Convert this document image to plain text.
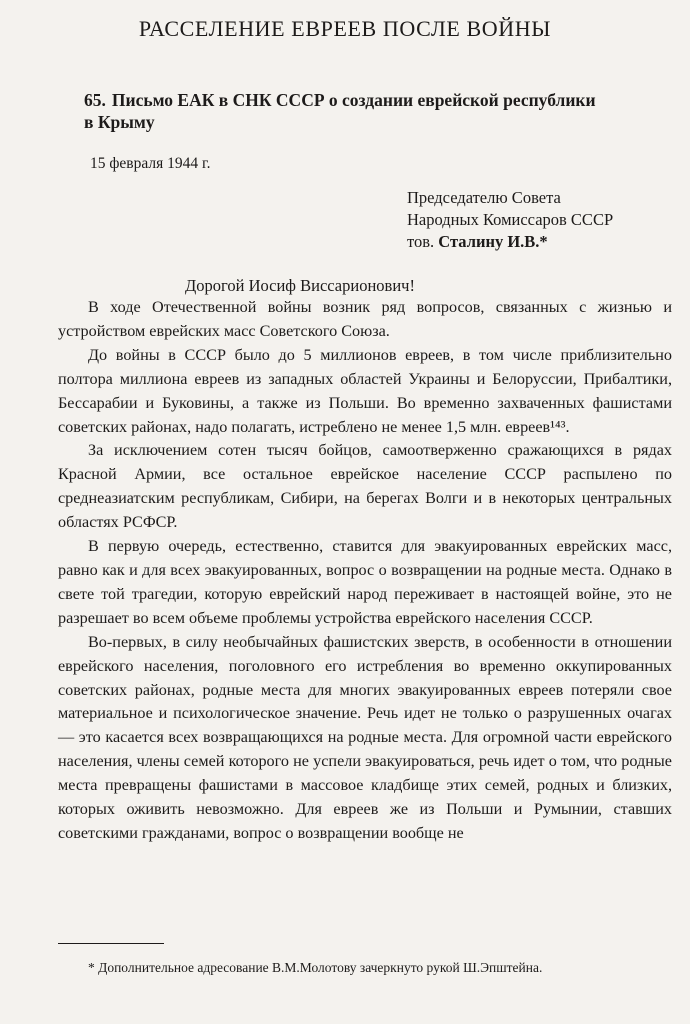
РАССЕЛЕНИЕ ЕВРЕЕВ ПОСЛЕ ВОЙНЫ
65. Письмо ЕАК в СНК СССР о создании еврейской республики
в Крыму
15 февраля 1944 г.
Председателю Совета
Народных Комиссаров СССР
тов. Сталину И.В.*
Дорогой Иосиф Виссарионович!

В ходе Отечественной войны возник ряд вопросов, связанных с жизнью и устройством еврейских масс Советского Союза.

До войны в СССР было до 5 миллионов евреев, в том числе приблизительно полтора миллиона евреев из западных областей Украины и Белоруссии, Прибалтики, Бессарабии и Буковины, а также из Польши. Во временно захваченных фашистами советских районах, надо полагать, истреблено не менее 1,5 млн. евреев¹⁴³.

За исключением сотен тысяч бойцов, самоотверженно сражающихся в рядах Красной Армии, все остальное еврейское население СССР распылено по среднеазиатским республикам, Сибири, на берегах Волги и в некоторых центральных областях РСФСР.

В первую очередь, естественно, ставится для эвакуированных еврейских масс, равно как и для всех эвакуированных, вопрос о возвращении на родные места. Однако в свете той трагедии, которую еврейский народ переживает в настоящей войне, это не разрешает во всем объеме проблемы устройства еврейского населения СССР.

Во-первых, в силу необычайных фашистских зверств, в особенности в отношении еврейского населения, поголовного его истребления во временно оккупированных советских районах, родные места для многих эвакуированных евреев потеряли свое материальное и психологическое значение. Речь идет не только о разрушенных очагах — это касается всех возвращающихся на родные места. Для огромной части еврейского населения, члены семей которого не успели эвакуироваться, речь идет о том, что родные места превращены фашистами в массовое кладбище этих семей, родных и близких, которых оживить невозможно. Для евреев же из Польши и Румынии, ставших советскими гражданами, вопрос о возвращении вообще не

* Дополнительное адресование В.М.Молотову зачеркнуто рукой Ш.Эпштейна.
